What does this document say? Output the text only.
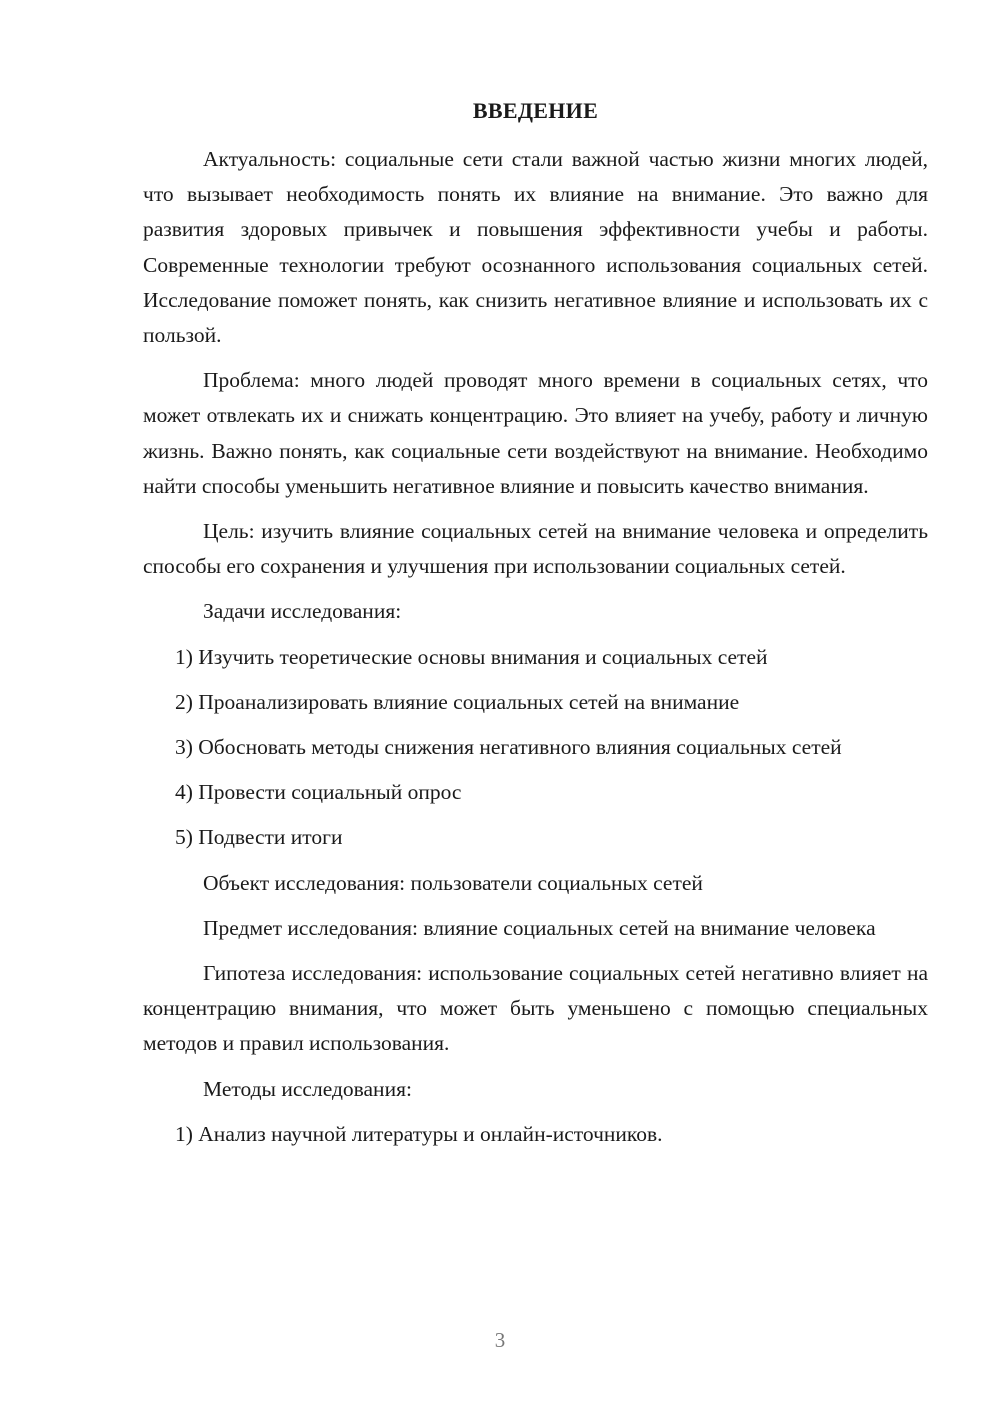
ВВЕДЕНИЕ

Актуальность: социальные сети стали важной частью жизни многих людей, что вызывает необходимость понять их влияние на внимание. Это важно для развития здоровых привычек и повышения эффективности учебы и работы. Современные технологии требуют осознанного использования социальных сетей. Исследование поможет понять, как снизить негативное влияние и использовать их с пользой.

Проблема: много людей проводят много времени в социальных сетях, что может отвлекать их и снижать концентрацию. Это влияет на учебу, работу и личную жизнь. Важно понять, как социальные сети воздействуют на внимание. Необходимо найти способы уменьшить негативное влияние и повысить качество внимания.

Цель: изучить влияние социальных сетей на внимание человека и определить способы его сохранения и улучшения при использовании социальных сетей.

Задачи исследования:

1) Изучить теоретические основы внимания и социальных сетей

2) Проанализировать влияние социальных сетей на внимание

3) Обосновать методы снижения негативного влияния социальных сетей

4) Провести социальный опрос

5) Подвести итоги

Объект исследования: пользователи социальных сетей

Предмет исследования: влияние социальных сетей на внимание человека

Гипотеза исследования: использование социальных сетей негативно влияет на концентрацию внимания, что может быть уменьшено с помощью специальных методов и правил использования.

Методы исследования:

1) Анализ научной литературы и онлайн-источников.

3
